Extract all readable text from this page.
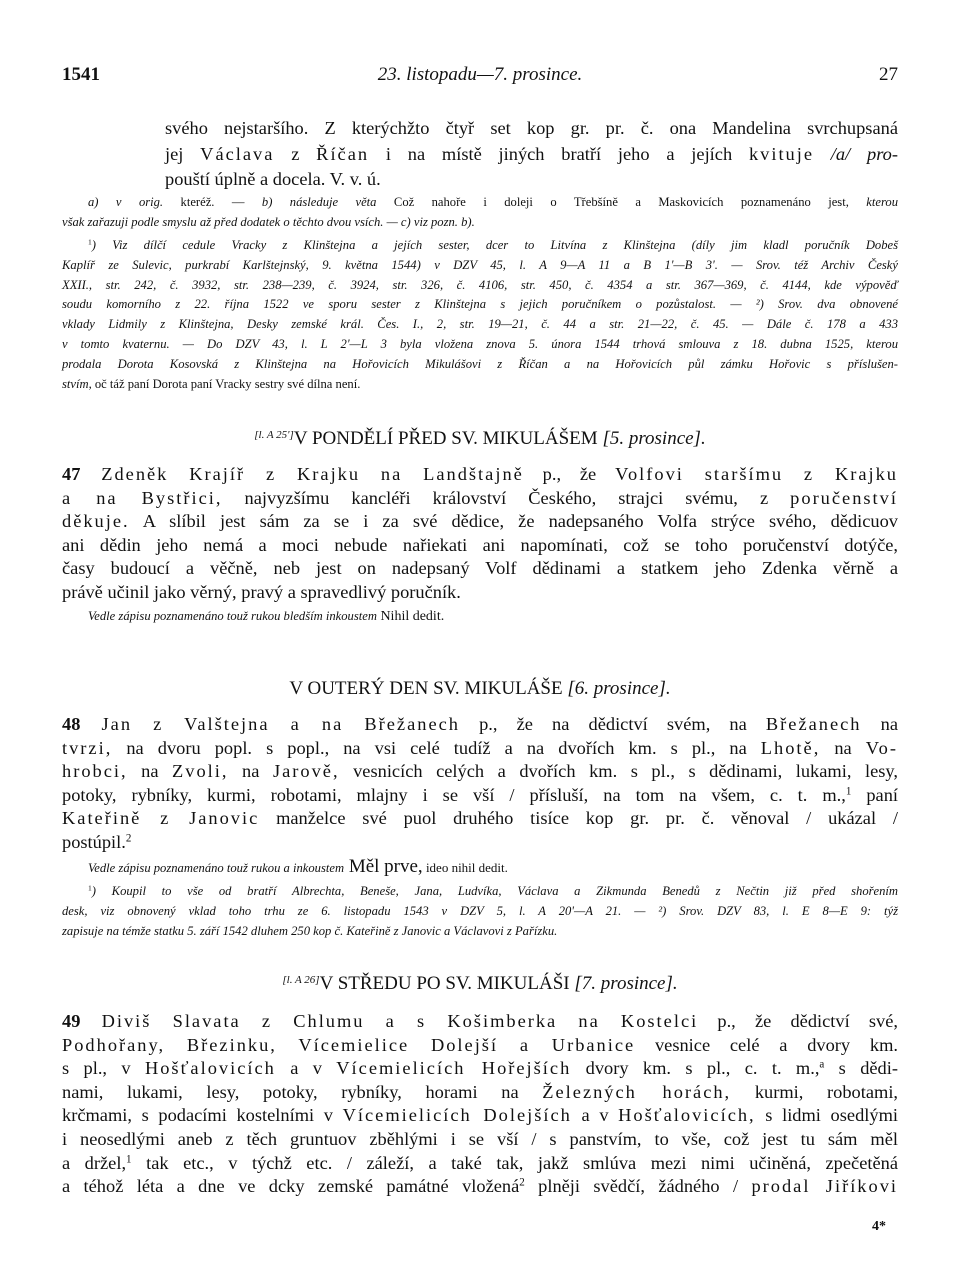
1541	23. listopadu—7. prosince.	27
svého nejstaršího. Z kterýchžto čtyř set kop gr. pr. č. ona Mandelina svrchupsaná
jej Václava z Říčan i na místě jiných bratří jeho a jejích kvituje /a/ pro-
pouští úplně a docela. V. v. ú.
a) v orig. kteréž. — b) následuje věta Což nahoře i doleji o Třebšíně a Maskovicích poznamenáno jest, kterou
však zařazuji podle smyslu až před dodatek o těchto dvou vsích. — c) viz pozn. b).
$^1$) Viz dílčí cedule Vracky z Klinštejna a jejích sester, dcer to Litvína z Klinštejna (díly jim kladl poručník Dobeš
Kaplíř ze Sulevic, purkrabí Karlštejnský, 9. května 1544) v DZV 45, l. A 9—A 11 a B 1'—B 3'. — Srov. též Archiv Český
XXII., str. 242, č. 3932, str. 238—239, č. 3924, str. 326, č. 4106, str. 450, č. 4354 a str. 367—369, č. 4144, kde výpověď
soudu komorního z 22. října 1522 ve sporu sester z Klinštejna s jejich poručníkem o pozůstalost. — ²) Srov. dva obnovené
vklady Lidmily z Klinštejna, Desky zemské král. Čes. I., 2, str. 19—21, č. 44 a str. 21—22, č. 45. — Dále č. 178 a 433
v tomto kvaternu. — Do DZV 43, l. L 2'—L 3 byla vložena znova 5. února 1544 trhová smlouva z 18. dubna 1525, kterou
prodala Dorota Kosovská z Klinštejna na Hořovicích Mikulášovi z Říčan a na Hořovicích půl zámku Hořovic s příslušen-
stvím, oč táž paní Dorota paní Vracky sestry své dílna není.
[l. A 25']V PONDĚLÍ PŘED SV. MIKULÁŠEM [5. prosince].
47 Zdeněk Krajíř z Krajku na Landštajně p., že Volfovi staršímu z Krajku
a na Bystřici, najvyzšímu kancléři království Českého, strajci svému, z poručenství
děkuje. A slíbil jest sám za se i za své dědice, že nadepsaného Volfa strýce svého, dědicuov
ani dědin jeho nemá a moci nebude nařiekati ani napomínati, což se toho poručenství dotýče,
časy budoucí a věčně, neb jest on nadepsaný Volf dědinami a statkem jeho Zdenka věrně a
právě učinil jako věrný, pravý a spravedlivý poručník.
Vedle zápisu poznamenáno touž rukou bledším inkoustem Nihil dedit.
V OUTERÝ DEN SV. MIKULÁŠE [6. prosince].
48 Jan z Valštejna a na Břežanech p., že na dědictví svém, na Břežanech na
tvrzi, na dvoru popl. s popl., na vsi celé tudíž a na dvořích km. s pl., na Lhotě, na Vo-
hrobci, na Zvoli, na Jarově, vesnicích celých a dvořích km. s pl., s dědinami, lukami, lesy,
potoky, rybníky, kurmi, robotami, mlajny i se vší / přísluší, na tom na všem, c. t. m.,$^1$ paní
Kateřině z Janovic manželce své puol druhého tisíce kop gr. pr. č. věnoval / ukázal /
postúpil.$^2$
Vedle zápisu poznamenáno touž rukou a inkoustem Měl prve, ideo nihil dedit.
$^1$) Koupil to vše od bratří Albrechta, Beneše, Jana, Ludvíka, Václava a Zikmunda Benedů z Nečtin již před shořením
desk, viz obnovený vklad toho trhu ze 6. listopadu 1543 v DZV 5, l. A 20'—A 21. — ²) Srov. DZV 83, l. E 8—E 9: týž
zapisuje na témže statku 5. září 1542 dluhem 250 kop č. Kateřině z Janovic a Václavovi z Pařízku.
[l. A 26]V STŘEDU PO SV. MIKULÁŠI [7. prosince].
49 Diviš Slavata z Chlumu a s Košimberka na Kostelci p., že dědictví své,
Podhořany, Březinku, Vícemielice Dolejší a Urbanice vesnice celé a dvory km.
s pl., v Hošťalovicích a v Vícemielicích Hořejších dvory km. s pl., c. t. m.,$^a$ s dědi-
nami, lukami, lesy, potoky, rybníky, horami na Železných horách, kurmi, robotami,
krčmami, s podacími kostelními v Vícemielicích Dolejších a v Hošťalovicích, s lidmi osedlými
i neosedlými aneb z těch gruntuov zběhlými i se vší / s panstvím, to vše, což jest tu sám měl
a držel,$^1$ tak etc., v týchž etc. / záleží, a také tak, jakž smlúva mezi nimi učiněná, zpečetěná
a téhož léta a dne ve dcky zemské památné vložená$^2$ plněji svědčí, žádného / prodal Jiříkovi
4*
